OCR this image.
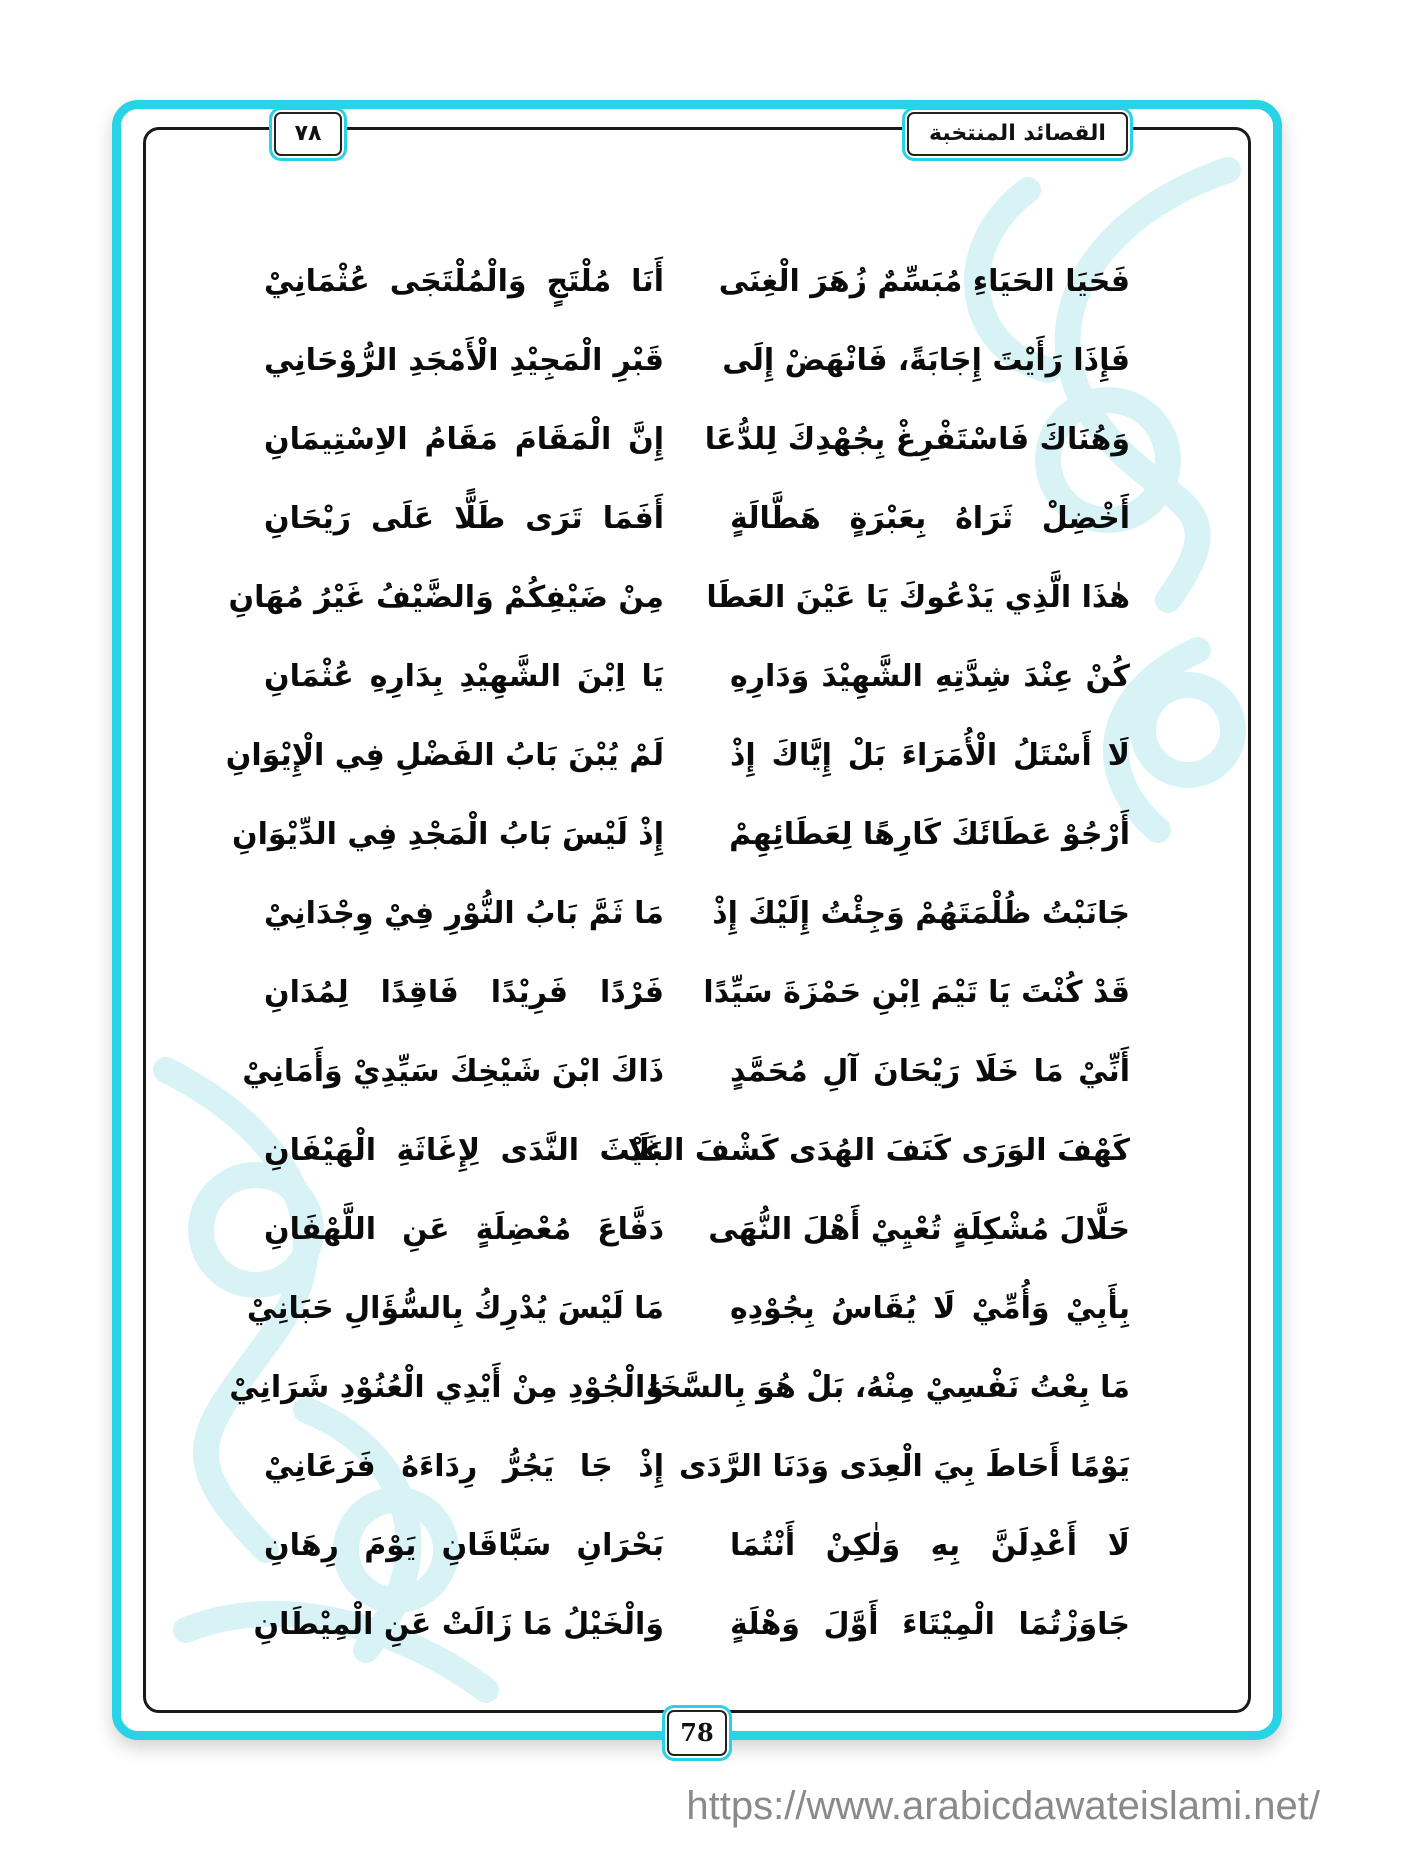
فَحَيَا الحَيَاءِ مُبَسِّمٌ زُهَرَ الْغِنَى
أَنَا مُلْتَجٍ وَالْمُلْتَجَى عُثْمَانِيْ
فَإِذَا رَأَيْتَ إِجَابَةً، فَانْهَضْ إِلَى
قَبْرِ الْمَجِيْدِ الْأَمْجَدِ الرُّوْحَانِي
وَهُنَاكَ فَاسْتَفْرِغْ بِجُهْدِكَ لِلدُّعَا
إِنَّ الْمَقَامَ مَقَامُ الاِسْتِيمَانِ
أَخْضِلْ ثَرَاهُ بِعَبْرَةٍ هَطَّالَةٍ
أَفَمَا تَرَى طَلًّا عَلَى رَيْحَانِ
هٰذَا الَّذِي يَدْعُوكَ يَا عَيْنَ العَطَا
مِنْ ضَيْفِكُمْ وَالضَّيْفُ غَيْرُ مُهَانِ
كُنْ عِنْدَ شِدَّتِهِ الشَّهِيْدَ وَدَارِهِ
يَا اِبْنَ الشَّهِيْدِ بِدَارِهِ عُثْمَانِ
لَا أَسْتَلُ الْأُمَرَاءَ بَلْ إِيَّاكَ إِذْ
لَمْ يُبْنَ بَابُ الفَضْلِ فِي الْإِيْوَانِ
أَرْجُوْ عَطَائَكَ كَارِهًا لِعَطَائِهِمْ
إِذْ لَيْسَ بَابُ الْمَجْدِ فِي الدِّيْوَانِ
جَانَبْتُ ظُلْمَتَهُمْ وَجِئْتُ إِلَيْكَ إِذْ
مَا ثَمَّ بَابُ النُّوْرِ فِيْ وِجْدَانِيْ
قَدْ كُنْتَ يَا تَيْمَ اِبْنِ حَمْزَةَ سَيِّدًا
فَرْدًا فَرِيْدًا فَاقِدًا لِمُدَانِ
أَنِّيْ مَا خَلَا رَيْحَانَ آلِ مُحَمَّدٍ
ذَاكَ ابْنَ شَيْخِكَ سَيِّدِيْ وَأَمَانِيْ
كَهْفَ الوَرَى كَنَفَ الهُدَى كَشْفَ البَلَا
غَيْثَ النَّدَى لِإِغَاثَةِ الْهَيْفَانِ
حَلَّالَ مُشْكِلَةٍ تُعْيِيْ أَهْلَ النُّهَى
دَفَّاعَ مُعْضِلَةٍ عَنِ اللَّهْفَانِ
بِأَبِيْ وَأُمِّيْ لَا يُقَاسُ بِجُوْدِهِ
مَا لَيْسَ يُدْرِكُ بِالسُّؤَالِ حَبَانِيْ
مَا بِعْتُ نَفْسِيْ مِنْهُ، بَلْ هُوَ بِالسَّخَا
وَالْجُوْدِ مِنْ أَيْدِي الْعُنُوْدِ شَرَانِيْ
يَوْمًا أَحَاطَ بِيَ الْعِدَى وَدَنَا الرَّدَى
إِذْ جَا يَجُرُّ رِدَاءَهُ فَرَعَانِيْ
لَا أَعْدِلَنَّ بِهِ وَلٰكِنْ أَنْتُمَا
بَحْرَانِ سَبَّاقَانِ يَوْمَ رِهَانِ
جَاوَزْتُمَا الْمِيْتَاءَ أَوَّلَ وَهْلَةٍ
وَالْخَيْلُ مَا زَالَتْ عَنِ الْمِيْطَانِ
القصائد المنتخبة
٧٨
78
https://www.arabicdawateislami.net/
